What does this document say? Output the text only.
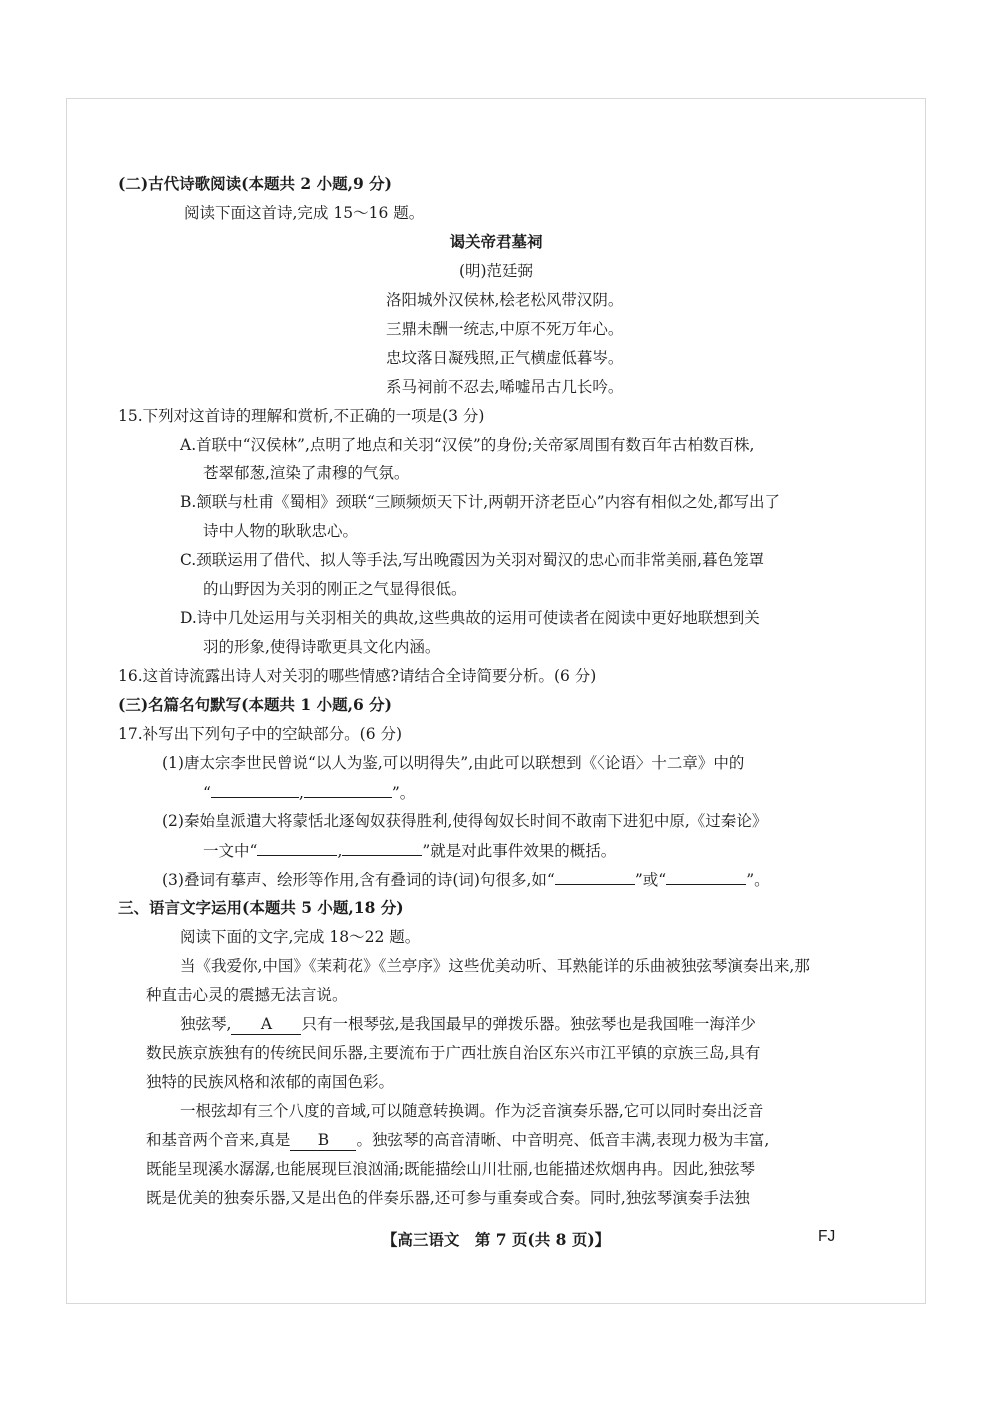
(二)古代诗歌阅读(本题共 2 小题,9 分)
阅读下面这首诗,完成 15～16 题。
谒关帝君墓祠
(明)范廷弼
洛阳城外汉侯林,桧老松风带汉阴。
三鼎未酬一统志,中原不死万年心。
忠坟落日凝残照,正气横虚低暮岑。
系马祠前不忍去,唏嘘吊古几长吟。
15.下列对这首诗的理解和赏析,不正确的一项是(3 分)
A.首联中“汉侯林”,点明了地点和关羽“汉侯”的身份;关帝冢周围有数百年古柏数百株,
苍翠郁葱,渲染了肃穆的气氛。
B.颔联与杜甫《蜀相》颈联“三顾频烦天下计,两朝开济老臣心”内容有相似之处,都写出了
诗中人物的耿耿忠心。
C.颈联运用了借代、拟人等手法,写出晚霞因为关羽对蜀汉的忠心而非常美丽,暮色笼罩
的山野因为关羽的刚正之气显得很低。
D.诗中几处运用与关羽相关的典故,这些典故的运用可使读者在阅读中更好地联想到关
羽的形象,使得诗歌更具文化内涵。
16.这首诗流露出诗人对关羽的哪些情感?请结合全诗简要分析。(6 分)
(三)名篇名句默写(本题共 1 小题,6 分)
17.补写出下列句子中的空缺部分。(6 分)
(1)唐太宗李世民曾说“以人为鉴,可以明得失”,由此可以联想到《〈论语〉十二章》中的
“	,	”。
(2)秦始皇派遣大将蒙恬北逐匈奴获得胜利,使得匈奴长时间不敢南下进犯中原,《过秦论》
一文中“	,	”就是对此事件效果的概括。
(3)叠词有摹声、绘形等作用,含有叠词的诗(词)句很多,如“	”或“	”。
三、语言文字运用(本题共 5 小题,18 分)
阅读下面的文字,完成 18～22 题。
当《我爱你,中国》《茉莉花》《兰亭序》这些优美动听、耳熟能详的乐曲被独弦琴演奏出来,那
种直击心灵的震撼无法言说。
独弦琴, A 只有一根琴弦,是我国最早的弹拨乐器。独弦琴也是我国唯一海洋少
数民族京族独有的传统民间乐器,主要流布于广西壮族自治区东兴市江平镇的京族三岛,具有
独特的民族风格和浓郁的南国色彩。
一根弦却有三个八度的音域,可以随意转换调。作为泛音演奏乐器,它可以同时奏出泛音
和基音两个音来,真是 B 。独弦琴的高音清晰、中音明亮、低音丰满,表现力极为丰富,
既能呈现溪水潺潺,也能展现巨浪汹涌;既能描绘山川壮丽,也能描述炊烟冉冉。因此,独弦琴
既是优美的独奏乐器,又是出色的伴奏乐器,还可参与重奏或合奏。同时,独弦琴演奏手法独
【高三语文　第 7 页(共 8 页)】	FJ
